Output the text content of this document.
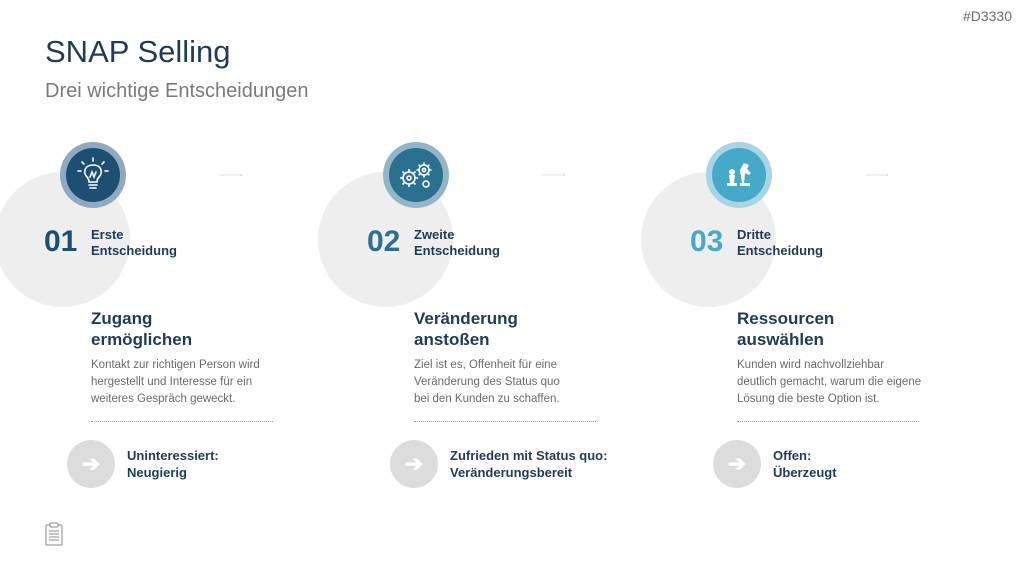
#D3330
SNAP Selling
Drei wichtige Entscheidungen
01 Erste
Entscheidung
Zugang
ermöglichen
Kontakt zur richtigen Person wird
hergestellt und Interesse für ein
weiteres Gespräch geweckt.
➔	Uninteressiert:
Neugierig
02 Zweite
Entscheidung
Veränderung
anstoßen
Ziel ist es, Offenheit für eine
Veränderung des Status quo
bei den Kunden zu schaffen.
➔	Zufrieden mit Status quo:
Veränderungsbereit
03 Dritte
Entscheidung
Ressourcen
auswählen
Kunden wird nachvollziehbar
deutlich gemacht, warum die eigene
Lösung die beste Option ist.
➔	Offen:
Überzeugt
